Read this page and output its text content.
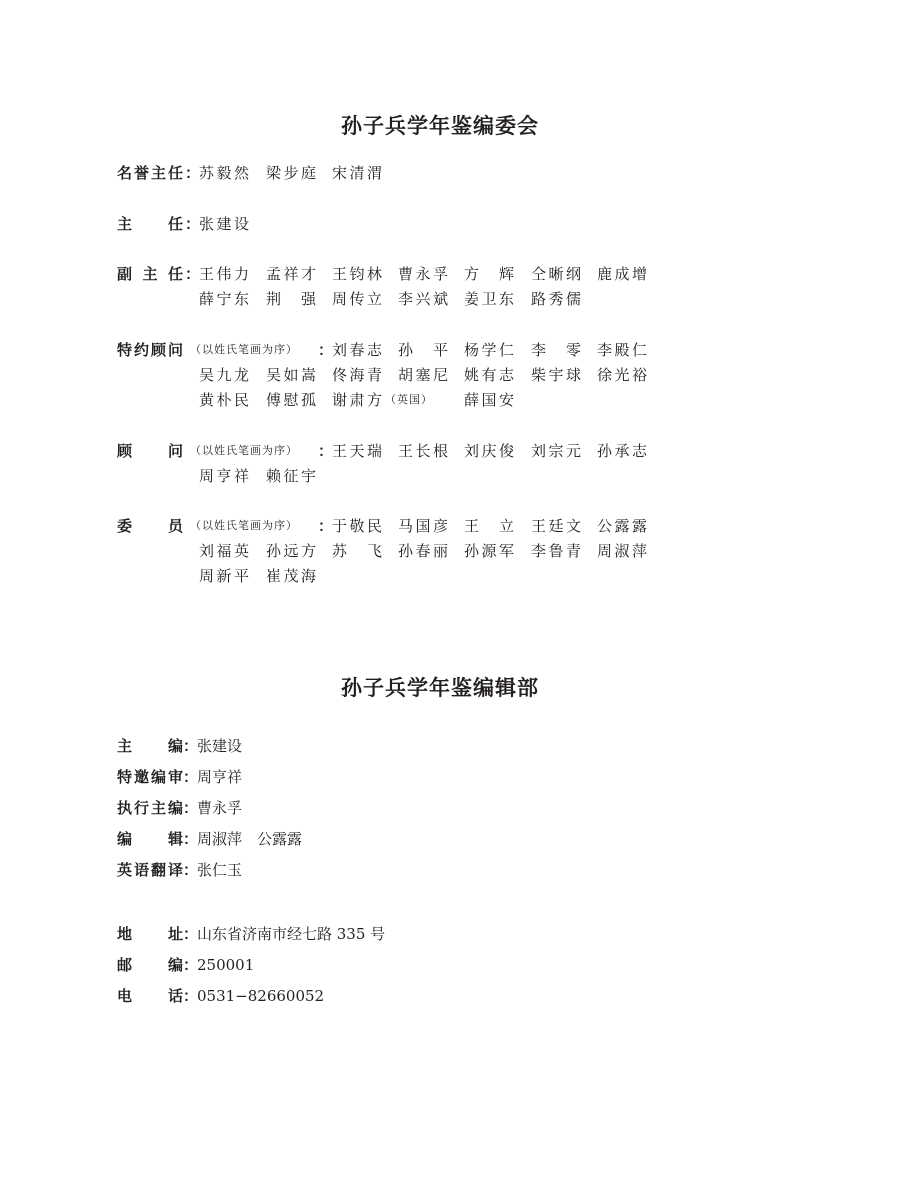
孙子兵学年鉴编委会
名 誉 主 任 ：
苏 毅 然 梁 步 庭 宋 清 渭
主 任 ：
张 建 设
副 主 任 ：
王 伟 力 孟 祥 才 王 钧 林 曹 永 孚 方 辉 仝 晰 纲 鹿 成 增
薛 宁 东 荆 强 周 传 立 李 兴 斌 姜 卫 东 路 秀 儒
特 约 顾 问 （以姓氏笔画为序） ：
刘 春 志 孙 平 杨 学 仁 李 零 李 殿 仁
吴 九 龙 吴 如 嵩 佟 海 青 胡 塞 尼 姚 有 志 柴 宇 球 徐 光 裕
黄 朴 民 傅 慰 孤 谢 肃 方 （英国） 薛 国 安
顾 问 （以姓氏笔画为序） ：
王 天 瑞 王 长 根 刘 庆 俊 刘 宗 元 孙 承 志
周 亨 祥 赖 征 宇
委 员 （以姓氏笔画为序） ：
于 敬 民 马 国 彦 王 立 王 廷 文 公 露 露
刘 福 英 孙 远 方 苏 飞 孙 春 丽 孙 源 军 李 鲁 青 周 淑 萍
周 新 平 崔 茂 海
孙子兵学年鉴编辑部
主 编 ：
张建设
特 邀 编 审 ：
周亨祥
执 行 主 编 ：
曹永孚
编 辑 ：
周淑萍　公露露
英 语 翻 译 ：
张仁玉
地 址 ：
山东省济南市经七路 335 号
邮 编 ：
250001
电 话 ：
0531−82660052
